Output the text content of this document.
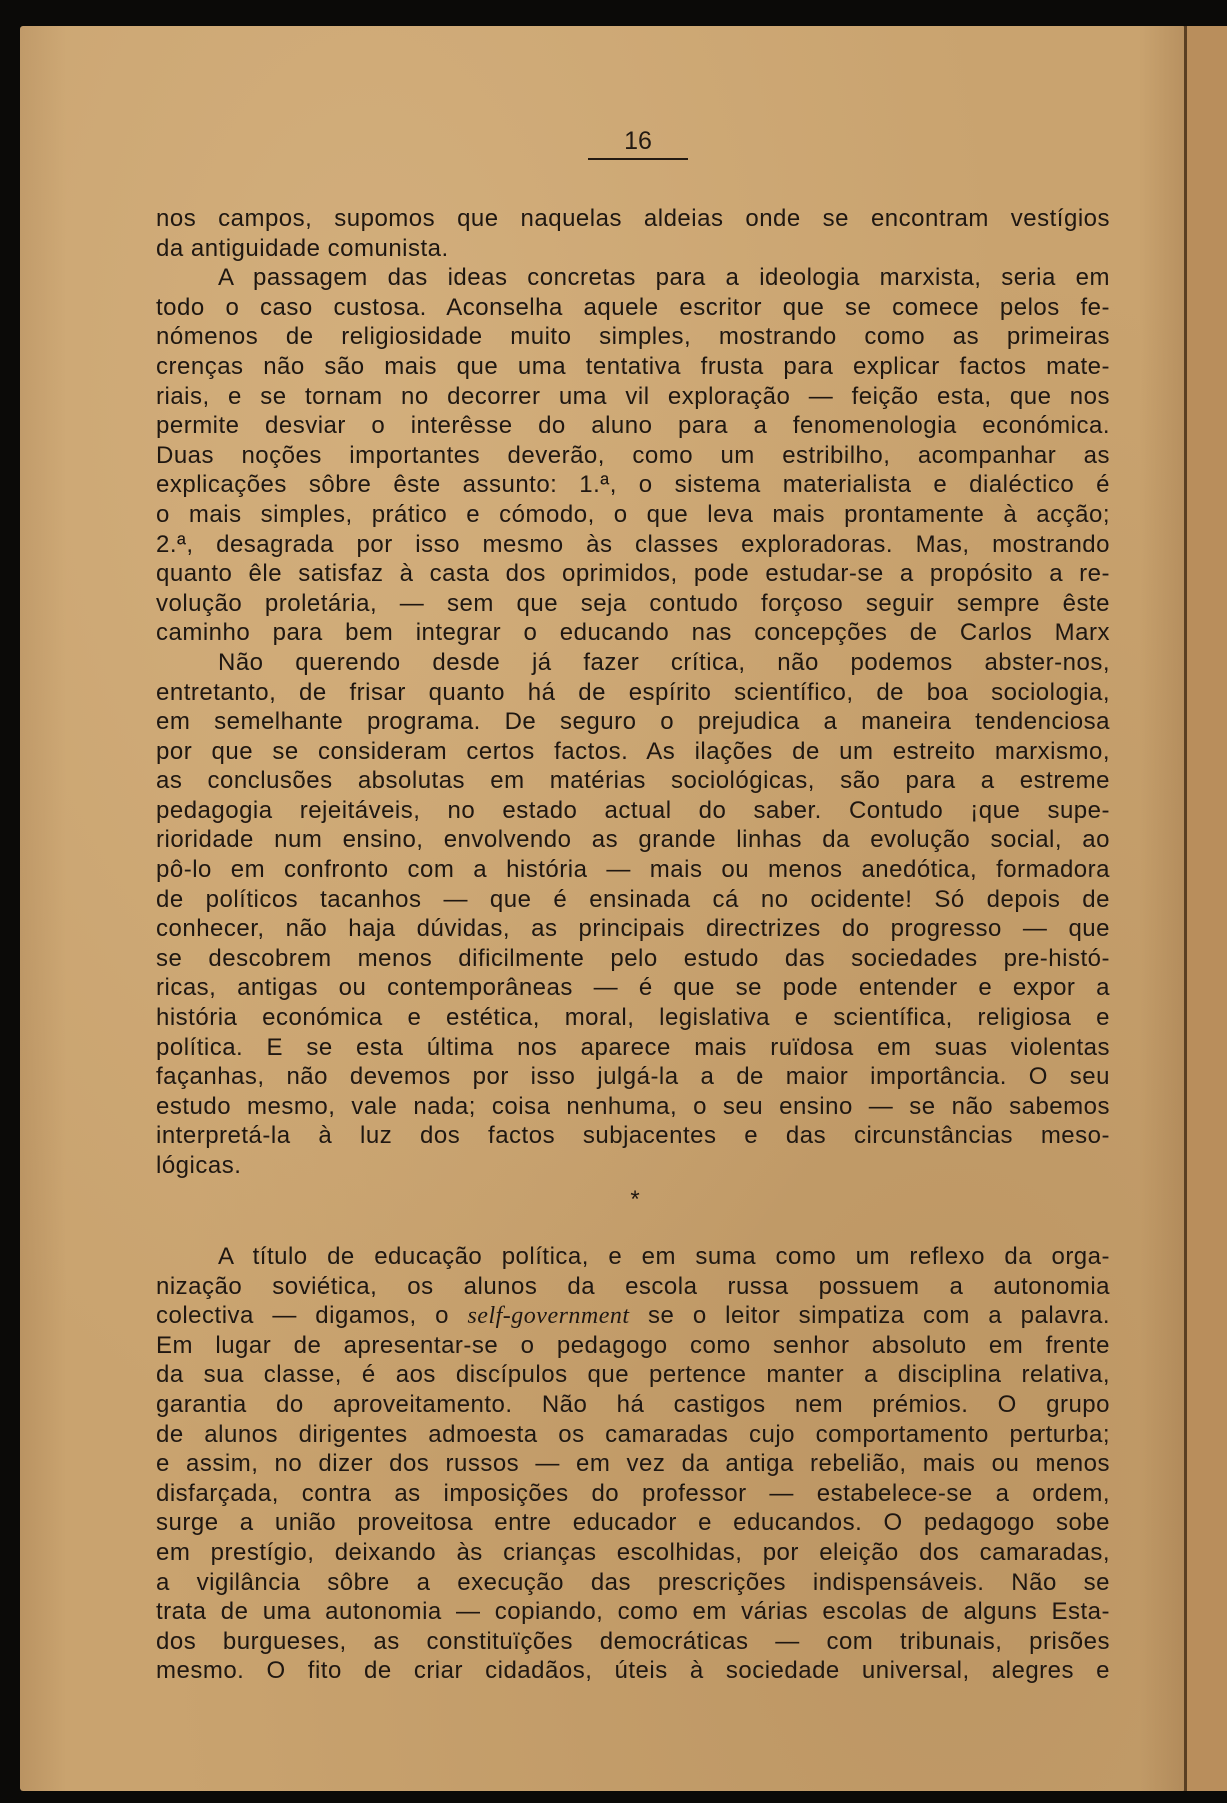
16
nos campos, supomos que naquelas aldeias onde se encontram vestígios
da antiguidade comunista.
A passagem das ideas concretas para a ideologia marxista, seria em
todo o caso custosa. Aconselha aquele escritor que se comece pelos fe-
nómenos de religiosidade muito simples, mostrando como as primeiras
crenças não são mais que uma tentativa frusta para explicar factos mate-
riais, e se tornam no decorrer uma vil exploração — feição esta, que nos
permite desviar o interêsse do aluno para a fenomenologia económica.
Duas noções importantes deverão, como um estribilho, acompanhar as
explicações sôbre êste assunto: 1.ª, o sistema materialista e dialéctico é
o mais simples, prático e cómodo, o que leva mais prontamente à acção;
2.ª, desagrada por isso mesmo às classes exploradoras. Mas, mostrando
quanto êle satisfaz à casta dos oprimidos, pode estudar-se a propósito a re-
volução proletária, — sem que seja contudo forçoso seguir sempre êste
caminho para bem integrar o educando nas concepções de Carlos Marx
Não querendo desde já fazer crítica, não podemos abster-nos,
entretanto, de frisar quanto há de espírito scientífico, de boa sociologia,
em semelhante programa. De seguro o prejudica a maneira tendenciosa
por que se consideram certos factos. As ilações de um estreito marxismo,
as conclusões absolutas em matérias sociológicas, são para a estreme
pedagogia rejeitáveis, no estado actual do saber. Contudo ¡que supe-
rioridade num ensino, envolvendo as grande linhas da evolução social, ao
pô-lo em confronto com a história — mais ou menos anedótica, formadora
de políticos tacanhos — que é ensinada cá no ocidente! Só depois de
conhecer, não haja dúvidas, as principais directrizes do progresso — que
se descobrem menos dificilmente pelo estudo das sociedades pre-histó-
ricas, antigas ou contemporâneas — é que se pode entender e expor a
história económica e estética, moral, legislativa e scientífica, religiosa e
política. E se esta última nos aparece mais ruïdosa em suas violentas
façanhas, não devemos por isso julgá-la a de maior importância. O seu
estudo mesmo, vale nada; coisa nenhuma, o seu ensino — se não sabemos
interpretá-la à luz dos factos subjacentes e das circunstâncias meso-
lógicas.
*
A título de educação política, e em suma como um reflexo da orga-
nização soviética, os alunos da escola russa possuem a autonomia
colectiva — digamos, o self-government se o leitor simpatiza com a palavra.
Em lugar de apresentar-se o pedagogo como senhor absoluto em frente
da sua classe, é aos discípulos que pertence manter a disciplina relativa,
garantia do aproveitamento. Não há castigos nem prémios. O grupo
de alunos dirigentes admoesta os camaradas cujo comportamento perturba;
e assim, no dizer dos russos — em vez da antiga rebelião, mais ou menos
disfarçada, contra as imposições do professor — estabelece-se a ordem,
surge a união proveitosa entre educador e educandos. O pedagogo sobe
em prestígio, deixando às crianças escolhidas, por eleição dos camaradas,
a vigilância sôbre a execução das prescrições indispensáveis. Não se
trata de uma autonomia — copiando, como em várias escolas de alguns Esta-
dos burgueses, as constituïções democráticas — com tribunais, prisões
mesmo. O fito de criar cidadãos, úteis à sociedade universal, alegres e
